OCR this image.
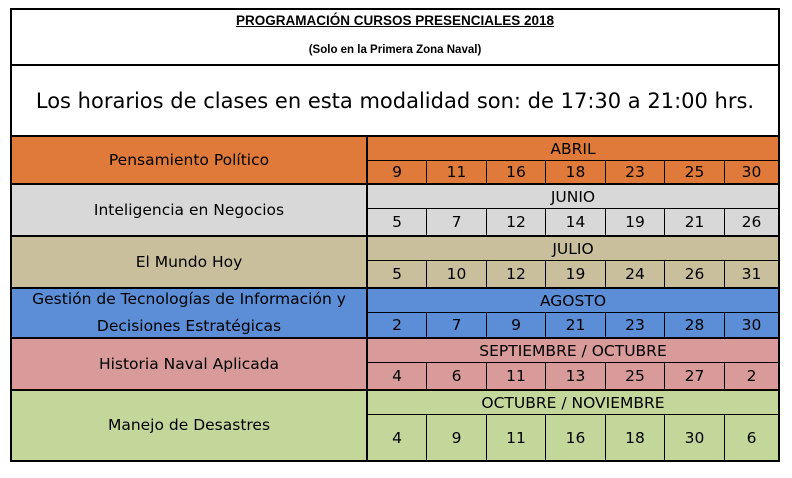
PROGRAMACIÓN CURSOS PRESENCIALES 2018
(Solo en la Primera Zona Naval)
Los horarios de clases en esta modalidad son: de 17:30 a 21:00 hrs.
Pensamiento Político
ABRIL
9	11	16	18	23	25	30
Inteligencia en Negocios
JUNIO
5	7	12	14	19	21	26
El Mundo Hoy
JULIO
5	10	12	19	24	26	31
Gestión de Tecnologías de Información y
Decisiones Estratégicas
AGOSTO
2	7	9	21	23	28	30
Historia Naval Aplicada
SEPTIEMBRE / OCTUBRE
4	6	11	13	25	27	2
Manejo de Desastres
OCTUBRE / NOVIEMBRE
4	9	11	16	18	30	6
